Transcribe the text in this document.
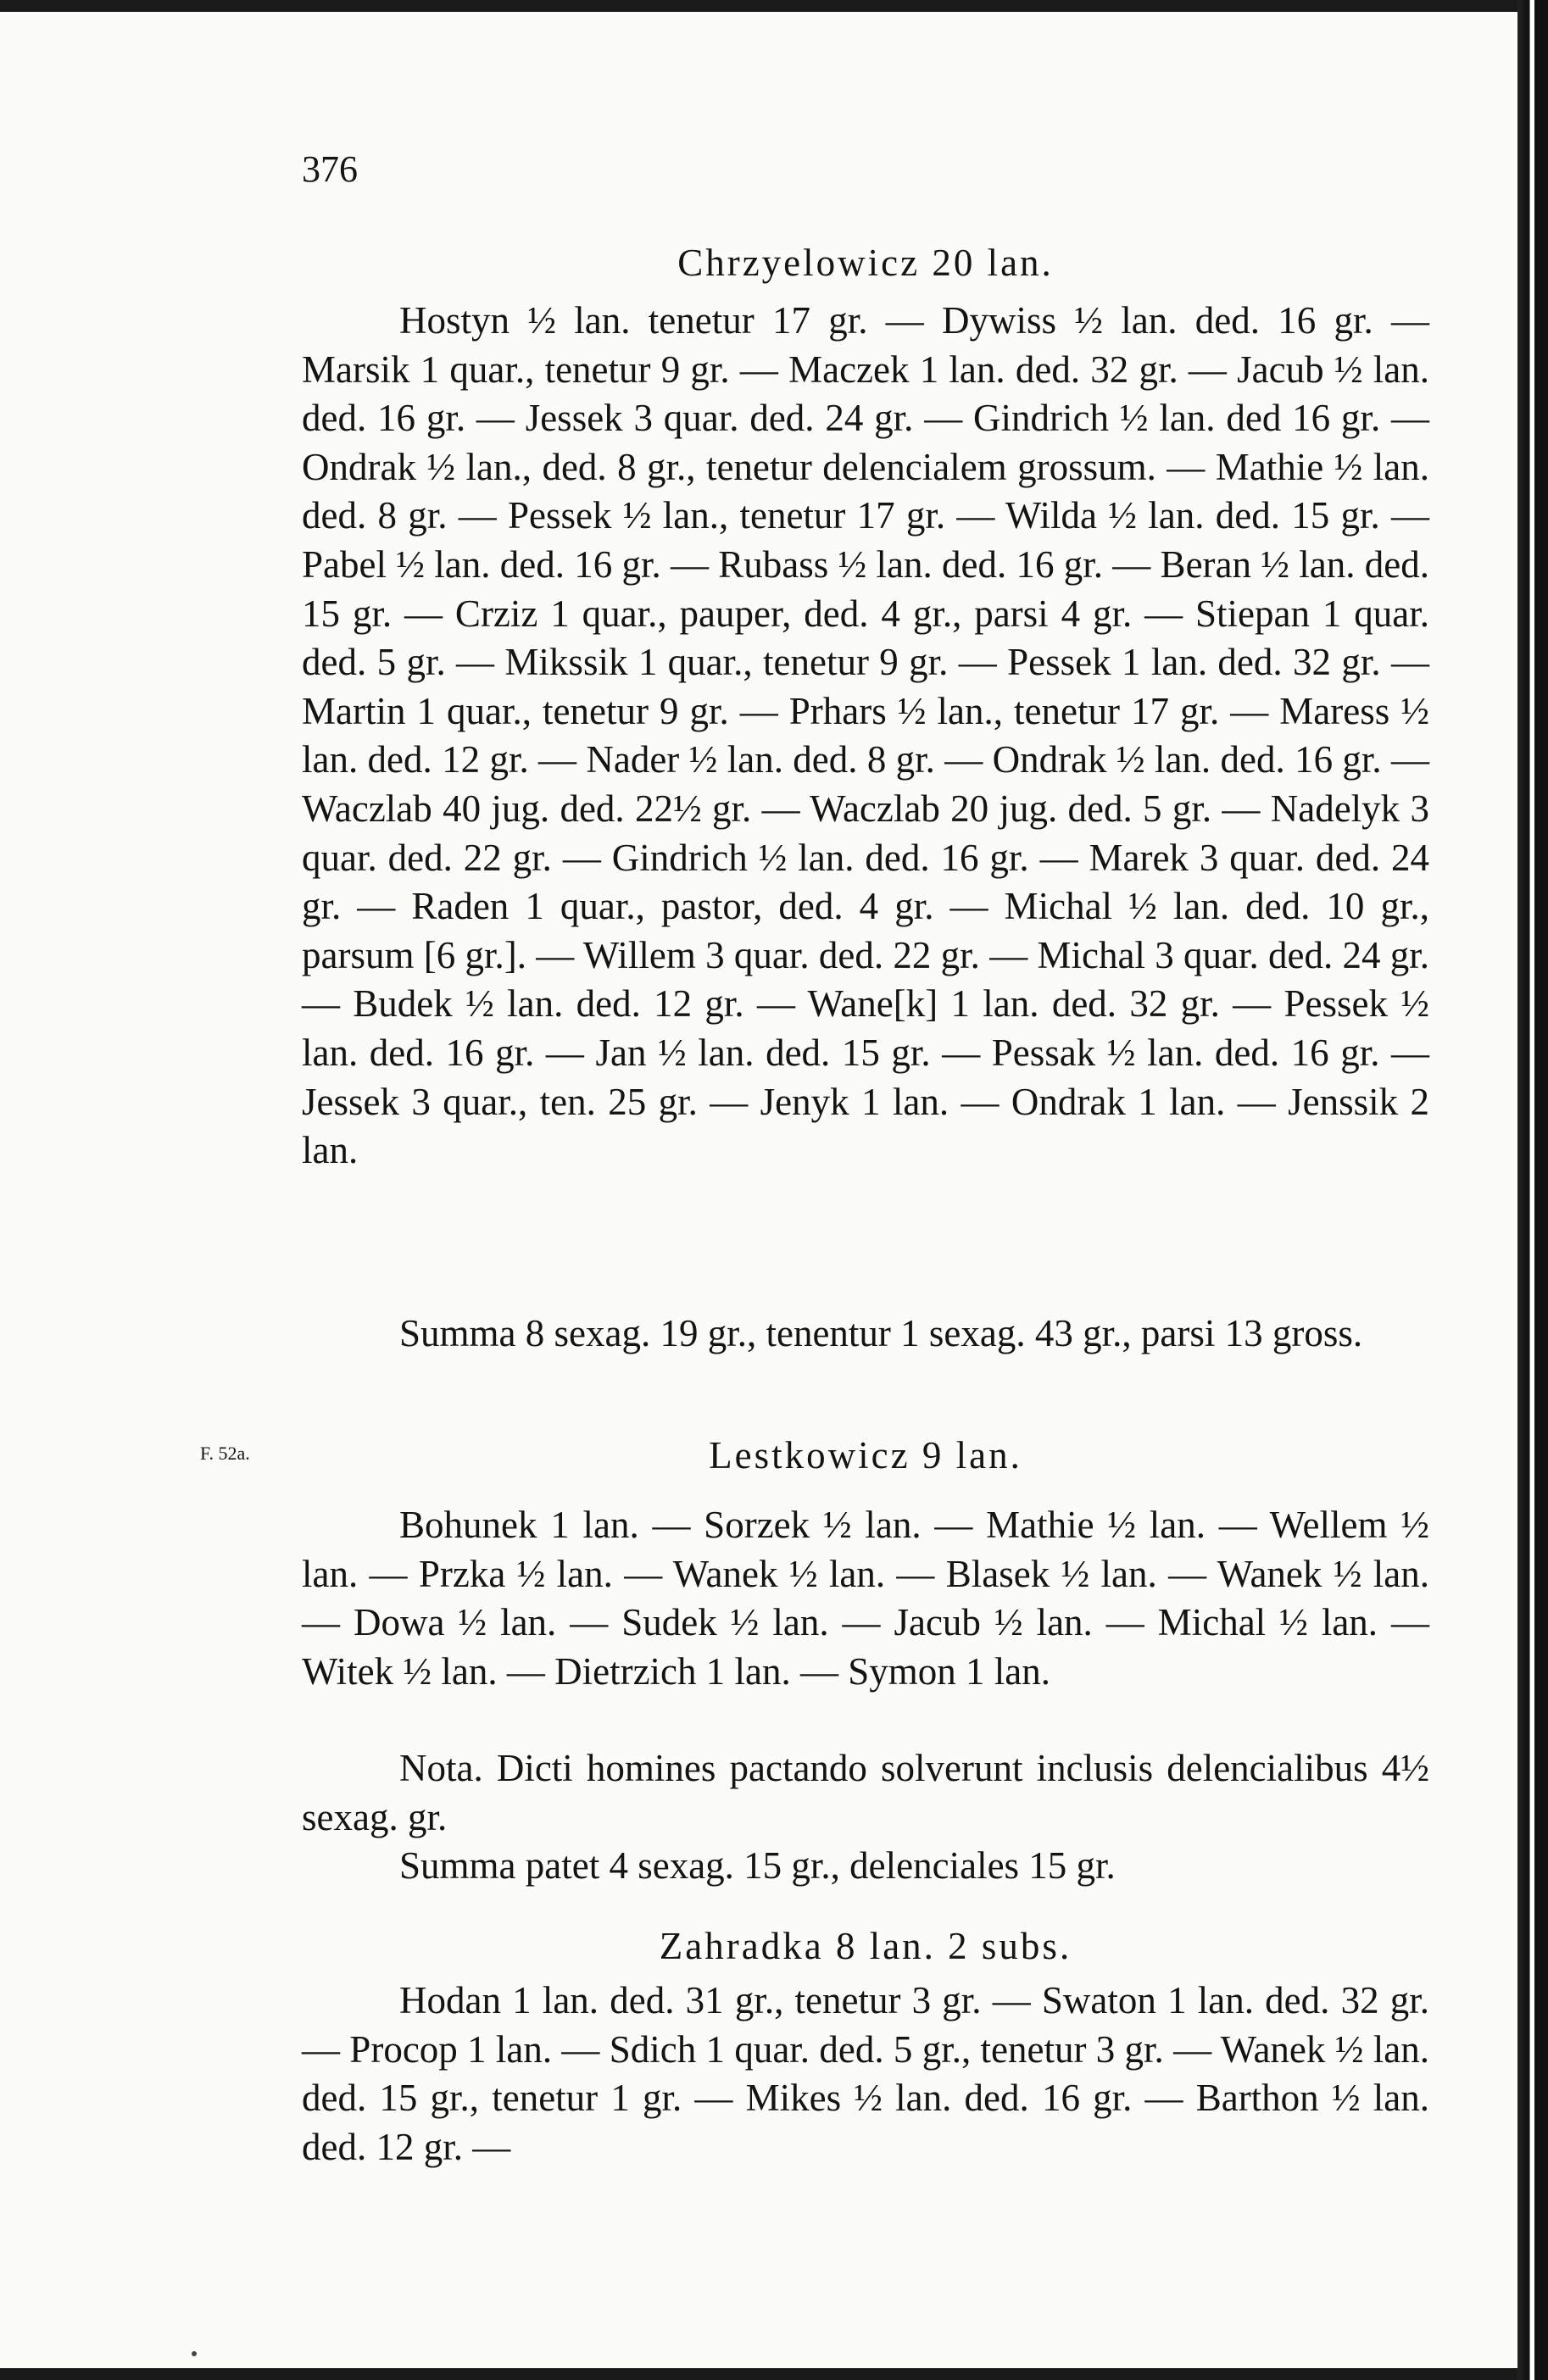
376
Chrzyelowicz 20 lan.
Hostyn ½ lan. tenetur 17 gr. — Dywiss ½ lan. ded. 16 gr. — Marsik 1 quar., tenetur 9 gr. — Maczek 1 lan. ded. 32 gr. — Jacub ½ lan. ded. 16 gr. — Jessek 3 quar. ded. 24 gr. — Gindrich ½ lan. ded 16 gr. — Ondrak ½ lan., ded. 8 gr., tenetur delencialem grossum. — Mathie ½ lan. ded. 8 gr. — Pessek ½ lan., tenetur 17 gr. — Wilda ½ lan. ded. 15 gr. — Pabel ½ lan. ded. 16 gr. — Rubass ½ lan. ded. 16 gr. — Beran ½ lan. ded. 15 gr. — Crziz 1 quar., pauper, ded. 4 gr., parsi 4 gr. — Stiepan 1 quar. ded. 5 gr. — Mikssik 1 quar., tenetur 9 gr. — Pessek 1 lan. ded. 32 gr. — Martin 1 quar., tenetur 9 gr. — Prhars ½ lan., tenetur 17 gr. — Maress ½ lan. ded. 12 gr. — Nader ½ lan. ded. 8 gr. — Ondrak ½ lan. ded. 16 gr. — Waczlab 40 jug. ded. 22½ gr. — Waczlab 20 jug. ded. 5 gr. — Nadelyk 3 quar. ded. 22 gr. — Gindrich ½ lan. ded. 16 gr. — Marek 3 quar. ded. 24 gr. — Raden 1 quar., pastor, ded. 4 gr. — Michal ½ lan. ded. 10 gr., parsum [6 gr.]. — Willem 3 quar. ded. 22 gr. — Michal 3 quar. ded. 24 gr. — Budek ½ lan. ded. 12 gr. — Wane[k] 1 lan. ded. 32 gr. — Pessek ½ lan. ded. 16 gr. — Jan ½ lan. ded. 15 gr. — Pessak ½ lan. ded. 16 gr. — Jessek 3 quar., ten. 25 gr. — Jenyk 1 lan. — Ondrak 1 lan. — Jenssik 2 lan.
Summa 8 sexag. 19 gr., tenentur 1 sexag. 43 gr., parsi 13 gross.
F. 52a.	Lestkowicz 9 lan.
Bohunek 1 lan. — Sorzek ½ lan. — Mathie ½ lan. — Wellem ½ lan. — Przka ½ lan. — Wanek ½ lan. — Blasek ½ lan. — Wanek ½ lan. — Dowa ½ lan. — Sudek ½ lan. — Jacub ½ lan. — Michal ½ lan. — Witek ½ lan. — Dietrzich 1 lan. — Symon 1 lan.
Nota. Dicti homines pactando solverunt inclusis delencialibus 4½ sexag. gr.
Summa patet 4 sexag. 15 gr., delenciales 15 gr.
Zahradka 8 lan. 2 subs.
Hodan 1 lan. ded. 31 gr., tenetur 3 gr. — Swaton 1 lan. ded. 32 gr. — Procop 1 lan. — Sdich 1 quar. ded. 5 gr., tenetur 3 gr. — Wanek ½ lan. ded. 15 gr., tenetur 1 gr. — Mikes ½ lan. ded. 16 gr. — Barthon ½ lan. ded. 12 gr. —
